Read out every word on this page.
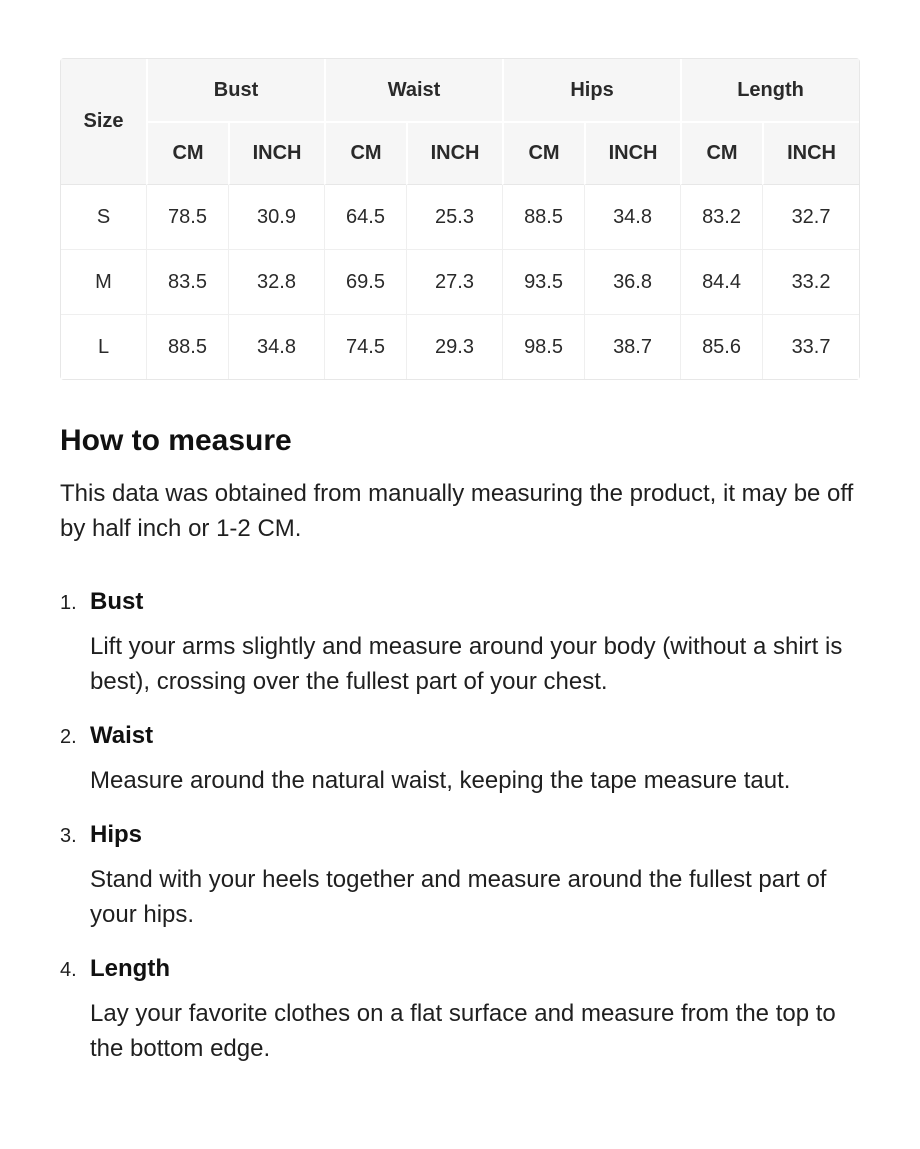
Size	Bust		Waist		Hips		Length	
	CM	INCH	CM	INCH	CM	INCH	CM	INCH
S	78.5	30.9	64.5	25.3	88.5	34.8	83.2	32.7
M	83.5	32.8	69.5	27.3	93.5	36.8	84.4	33.2
L	88.5	34.8	74.5	29.3	98.5	38.7	85.6	33.7
How to measure

This data was obtained from manually measuring the product, it may be off by half inch or 1-2 CM.

1. Bust

Lift your arms slightly and measure around your body (without a shirt is best), crossing over the fullest part of your chest.

2. Waist

Measure around the natural waist, keeping the tape measure taut.

3. Hips

Stand with your heels together and measure around the fullest part of your hips.

4. Length

Lay your favorite clothes on a flat surface and measure from the top to the bottom edge.
